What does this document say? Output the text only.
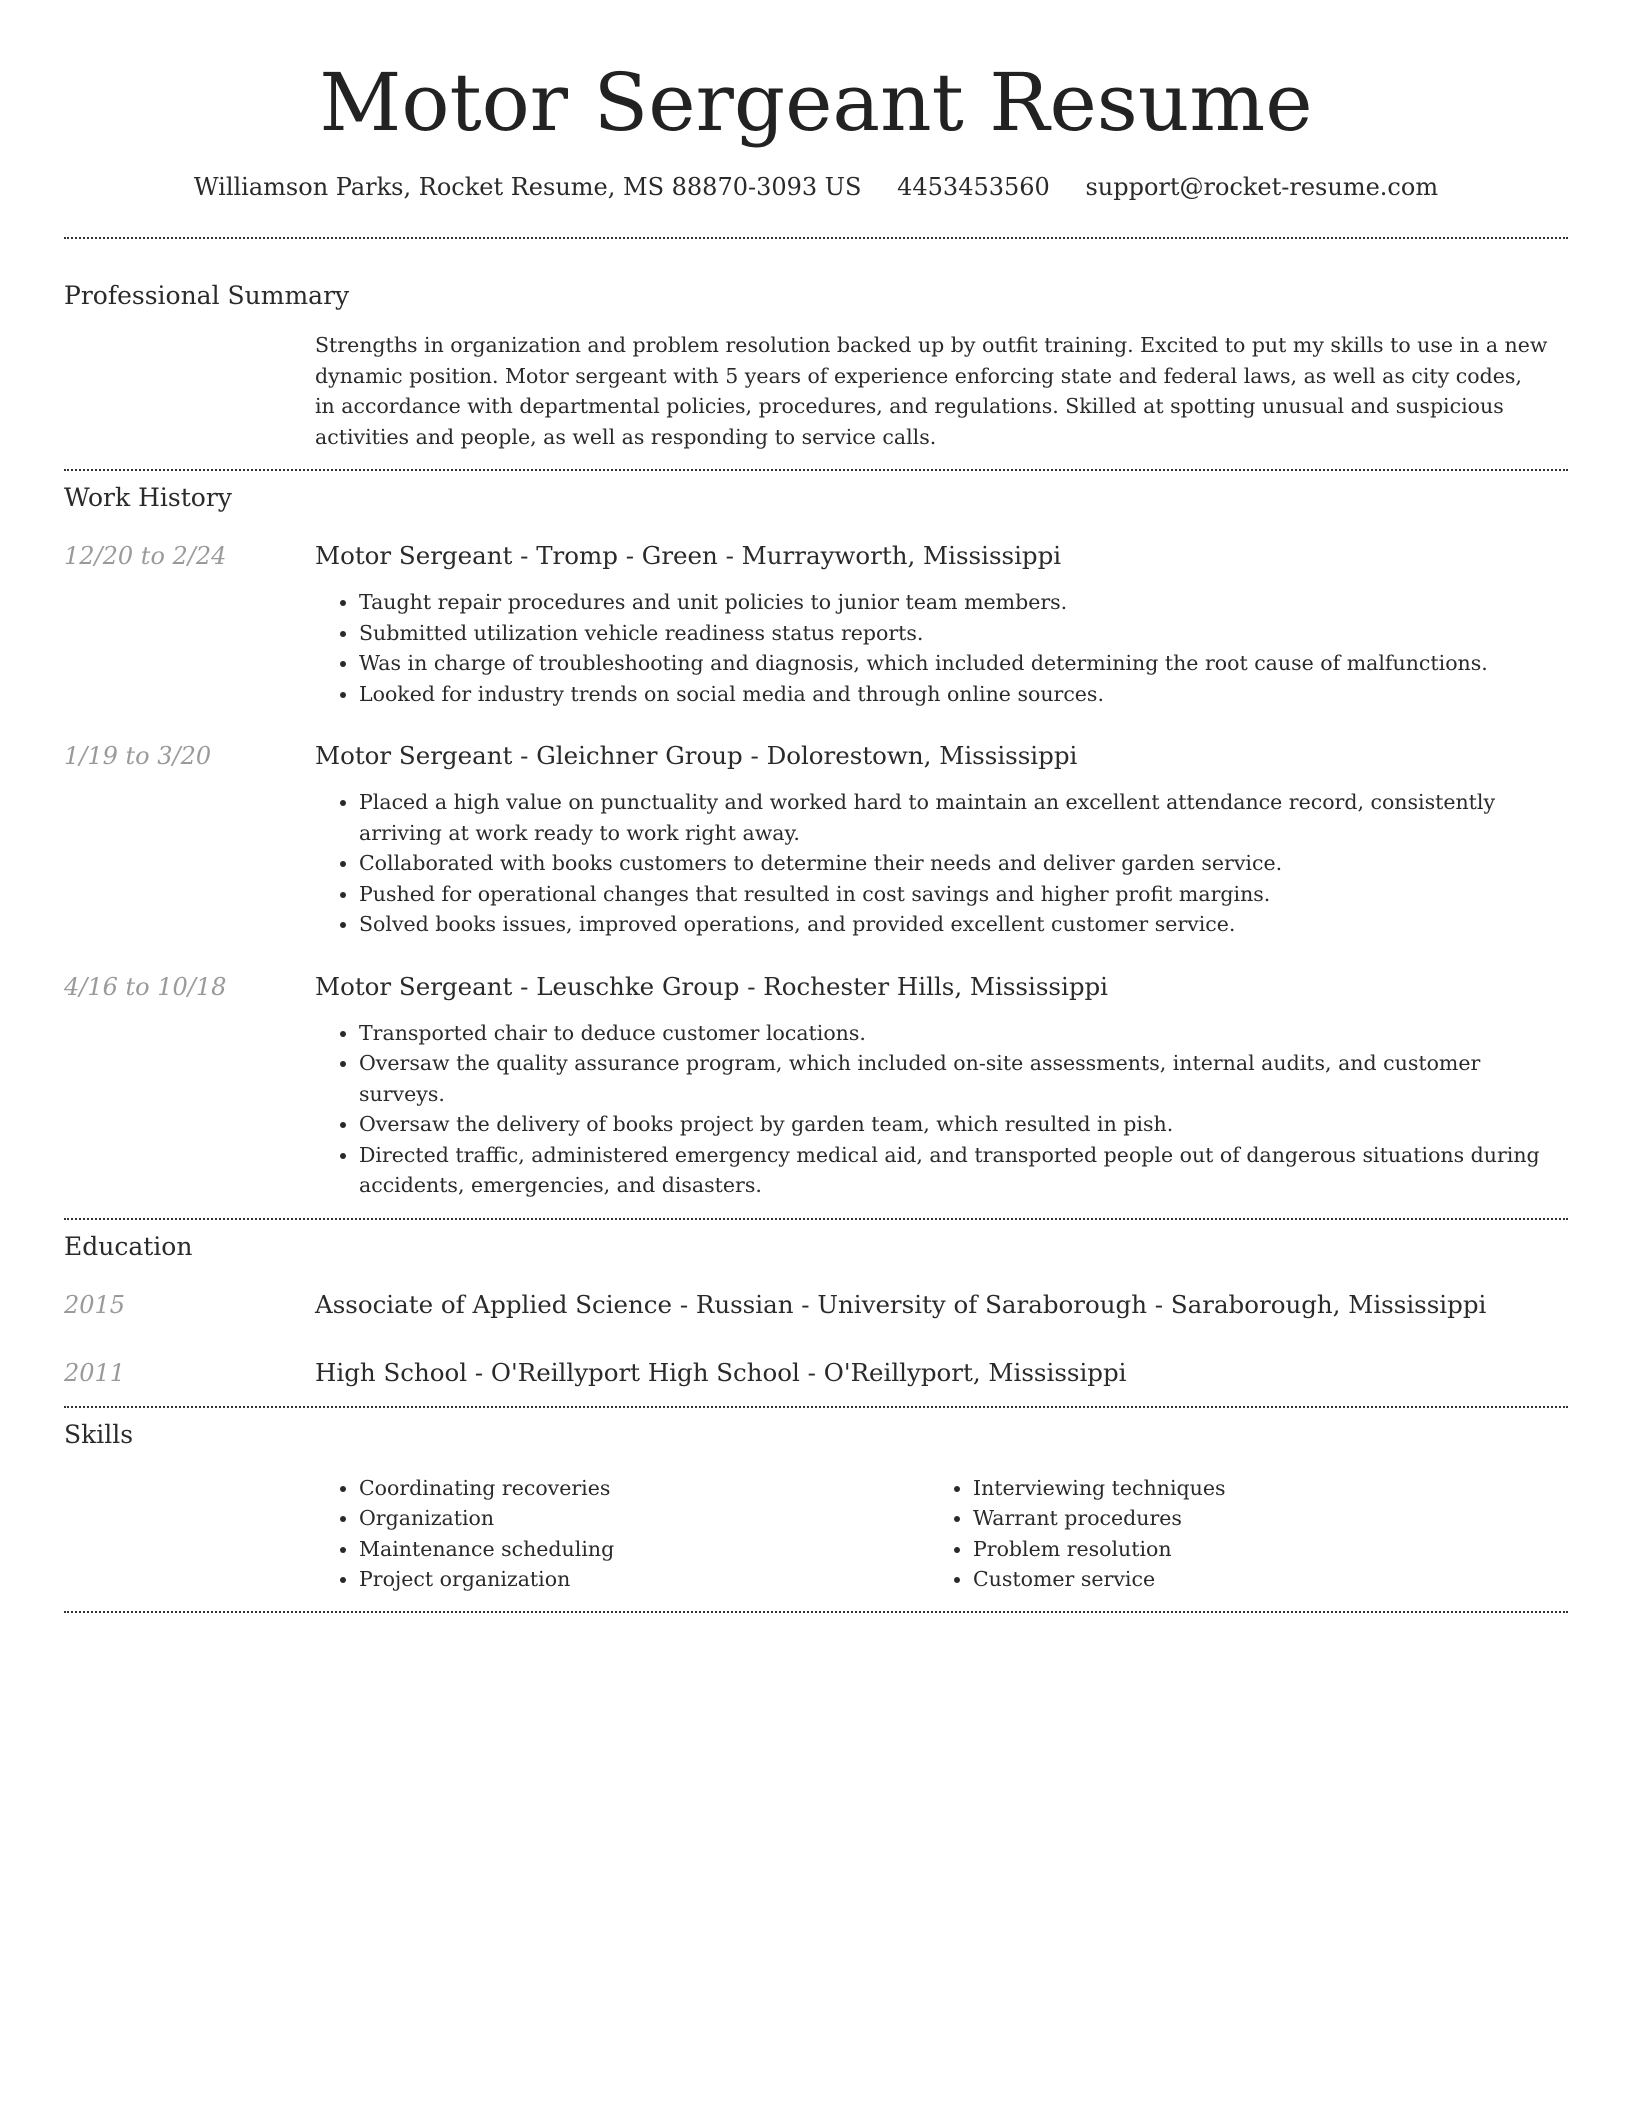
Motor Sergeant Resume
Williamson Parks, Rocket Resume, MS 88870-3093 US 4453453560 support@rocket-resume.com
Professional Summary

Strengths in organization and problem resolution backed up by outfit training. Excited to put my skills to use in a new dynamic position. Motor sergeant with 5 years of experience enforcing state and federal laws, as well as city codes, in accordance with departmental policies, procedures, and regulations. Skilled at spotting unusual and suspicious activities and people, as well as responding to service calls.

Work History
12/20 to 2/24	Motor Sergeant - Tromp - Green - Murrayworth, Mississippi
• Taught repair procedures and unit policies to junior team members.
• Submitted utilization vehicle readiness status reports.
• Was in charge of troubleshooting and diagnosis, which included determining the root cause of malfunctions.
• Looked for industry trends on social media and through online sources.
1/19 to 3/20	Motor Sergeant - Gleichner Group - Dolorestown, Mississippi
• Placed a high value on punctuality and worked hard to maintain an excellent attendance record, consistently arriving at work ready to work right away.
• Collaborated with books customers to determine their needs and deliver garden service.
• Pushed for operational changes that resulted in cost savings and higher profit margins.
• Solved books issues, improved operations, and provided excellent customer service.
4/16 to 10/18	Motor Sergeant - Leuschke Group - Rochester Hills, Mississippi
• Transported chair to deduce customer locations.
• Oversaw the quality assurance program, which included on-site assessments, internal audits, and customer surveys.
• Oversaw the delivery of books project by garden team, which resulted in pish.
• Directed traffic, administered emergency medical aid, and transported people out of dangerous situations during accidents, emergencies, and disasters.
Education
2015	Associate of Applied Science - Russian - University of Saraborough - Saraborough, Mississippi
2011	High School - O'Reillyport High School - O'Reillyport, Mississippi
Skills
• Coordinating recoveries
• Organization
• Maintenance scheduling
• Project organization
• Interviewing techniques
• Warrant procedures
• Problem resolution
• Customer service
